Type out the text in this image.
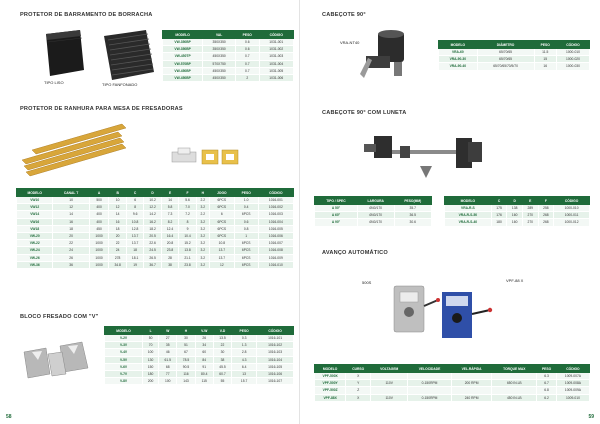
PROTETOR DE BARRAMENTO DE BORRACHA
TIPO LISO	TIPO FANFONADO
MODELO	VAL	PESO	CÓDIGO
VW-350BP	350X350	0.6	1031-001
VW-350BP	350X350	0.6	1031-002
VW-450TP	450X350	0.7	1031-003
VW-570BP	570X750	0.7	1031-004
VW-450BP	450X350	0.7	1031-005
VW-450BP	450X350	2	1031-006
PROTETOR DE RANHURA PARA MESA DE FRESADORAS
MODELO	CANAL T	A	B	C	D	E	F	H	JOGO	PESO	CÓDIGO
VW10	10	500	10	6	10.2	14	5.6	2.2	6PCS	1.0	1016-001
VW12	12	400	12	8	12.2	5.8	7.0	3.2	6PCS	0.4	1016-002
VW14	14	400	14	9.6	14.2	7.3	7.2	2.2	6	6PCS	1016-003
VW16	16	400	16	10.8	16.2	8.2	8	3.2	6PCS	0.6	1016-004
VW18	18	450	18	12.8	18.2	12.4	9	3.2	6PCS	0.8	1016-005
VW-20	20	1000	20	13.7	20.5	16.4	10.4	3.2	6PCS	1	1016-006
VW-22	22	1000	22	13.7	22.6	20.8	15.2	3.2	10.8	6PCS	1016-007
VW-24	24	1000	24	18	24.5	23.8	13.8	3.2	13.7	6PCS	1016-008
VW-26	26	1000	278	18.1	26.5	28	21.1	3.2	13.7	6PCS	1016-009
VW-36	36	1000	34.8	19	36.7	38	23.8	3.2	12	6PCS	1016-010
BLOCO FRESADO COM "V"
MODELO	L	W	H	V-W	V-D	PESO	CÓDIGO
V-2V	50	27	30	26	13.5	0.3	1016-101
V-3V	70	35	51	34	22	1.3	1016-102
V-4V	100	46	67	60	30	2.8	1016-103
V-5V	130	61.5	78.5	84	38	4.3	1016-104
V-6V	150	68	90.5	91	45.5	6.4	1016-105
V-7V	180	77	116	80.4	60.7	13	1016-106
V-8V	200	100	143	115	55	15.7	1016-107
58
CABEÇOTE 90°
VRA-NT40	MODELO	DIÂMETRO	PESO	CÓDIGO
VRA-60	65/70/65	11.5	1000-010
VRA-90-30	65/70/65	15	1000-020
VRA-90-40	65/70/65/70/5/70	16	1000-030
CABEÇOTE 90° COM LUNETA
TIPO / SPEC	LARGURA	PESO(MM)
A 50°	Ø40/170	35.7
A 60°	Ø40/170	36.5
A 90°	Ø40/170	30.6
MODELO	C	D	E	F	CÓDIGO
VRA-R-S	175	138	289	258	1000-010
VRA-R-S-50	176	160	270	268	1000-011
VRA-R-S-40	180	160	270	268	1000-012
AVANÇO AUTOMÁTICO
500S	VPF-88 X
MODELO	CURSO	VOLTAGEM	VELOCIDADE	VEL.RÁPIDA	TORQUE MAX	PESO	CÓDIGO
VPF-500X	X					6.3	1009-007A
VPF-500Y	Y	110V	0-150RPM	200 RPM	650 IN.LB	6.7	1009-008A
VPF-500Z	Z					6.8	1009-009A
VPF-88X	X	110V	0-150RPM	240 RPM	450 IN.LB	6.2	1009-010
59
